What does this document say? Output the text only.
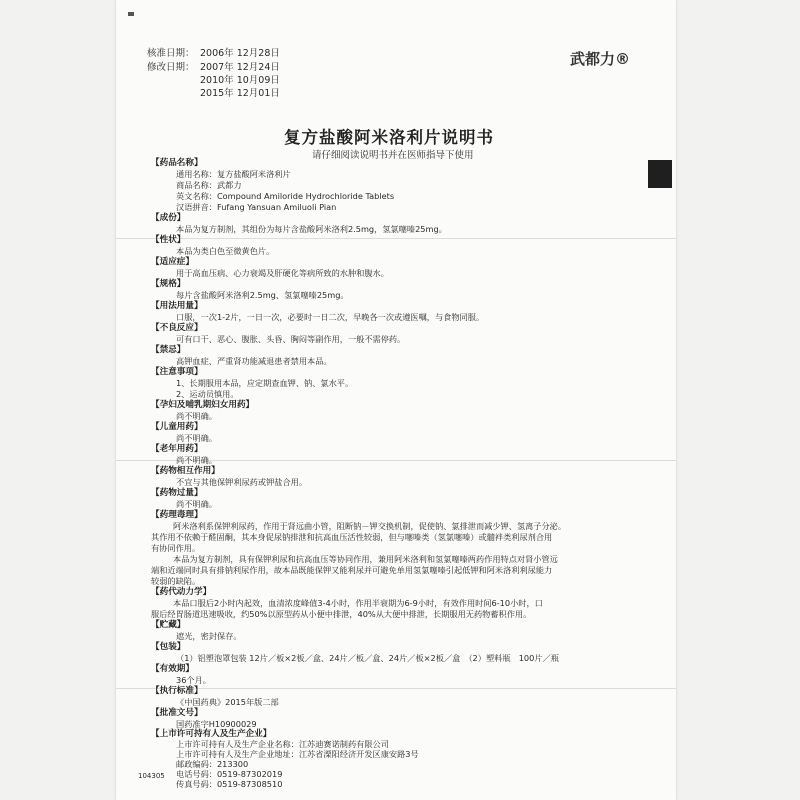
核准日期： 2006年 12月28日
修改日期： 2007年 12月24日
2010年 10月09日
2015年 12月01日
武都力®
复方盐酸阿米洛利片说明书
请仔细阅读说明书并在医师指导下使用
【药品名称】
通用名称：复方盐酸阿米洛利片
商品名称：武都力
英文名称：Compound Amiloride Hydrochloride Tablets
汉语拼音：Fufang Yansuan Amiluoli Pian
【成份】
本品为复方制剂，其组份为每片含盐酸阿米洛利2.5mg，氢氯噻嗪25mg。
【性状】
本品为类白色至微黄色片。
【适应症】
用于高血压病、心力衰竭及肝硬化等病所致的水肿和腹水。
【规格】
每片含盐酸阿米洛利2.5mg、氢氯噻嗪25mg。
【用法用量】
口服，一次1-2片，一日一次，必要时一日二次，早晚各一次或遵医嘱，与食物同服。
【不良反应】
可有口干、恶心、腹胀、头昏、胸闷等副作用，一般不需停药。
【禁忌】
高钾血症、严重肾功能减退患者禁用本品。
【注意事项】
1、长期服用本品，应定期查血钾、钠、氯水平。
2、运动员慎用。
【孕妇及哺乳期妇女用药】
尚不明确。
【儿童用药】
尚不明确。
【老年用药】
尚不明确。
【药物相互作用】
不宜与其他保钾利尿药或钾盐合用。
【药物过量】
尚不明确。
【药理毒理】
阿米洛利系保钾利尿药，作用于肾远曲小管，阻断钠－钾交换机制，促使钠、氯排泄而减少钾、氢离子分泌。
其作用不依赖于醛固酮，其本身促尿钠排泄和抗高血压活性较弱，但与噻嗪类（氢氯噻嗪）或髓袢类利尿剂合用
有协同作用。
本品为复方制剂，具有保钾利尿和抗高血压等协同作用，兼用阿米洛利和氢氯噻嗪两药作用特点对肾小管远
端和近端同时具有排钠利尿作用，故本品既能保钾又能利尿并可避免单用氢氯噻嗪引起低钾和阿米洛利利尿能力
较弱的缺陷。
【药代动力学】
本品口服后2小时内起效，血清浓度峰值3-4小时，作用半衰期为6-9小时，有效作用时间6-10小时，口
服后经胃肠道迅速吸收，约50%以原型药从小便中排泄，40%从大便中排泄，长期服用无药物蓄积作用。
【贮藏】
遮光，密封保存。
【包装】
（1）铝塑泡罩包装 12片／板×2板／盒、24片／板／盒、24片／板×2板／盒　（2）塑料瓶　100片／瓶
【有效期】
36个月。
【执行标准】
《中国药典》2015年版二部
【批准文号】
国药准字H10900029
【上市许可持有人及生产企业】
上市许可持有人及生产企业名称：江苏迪赛诺制药有限公司
上市许可持有人及生产企业地址：江苏省溧阳经济开发区康安路3号
邮政编码：213300
电话号码：0519-87302019
传真号码：0519-87308510
104305
